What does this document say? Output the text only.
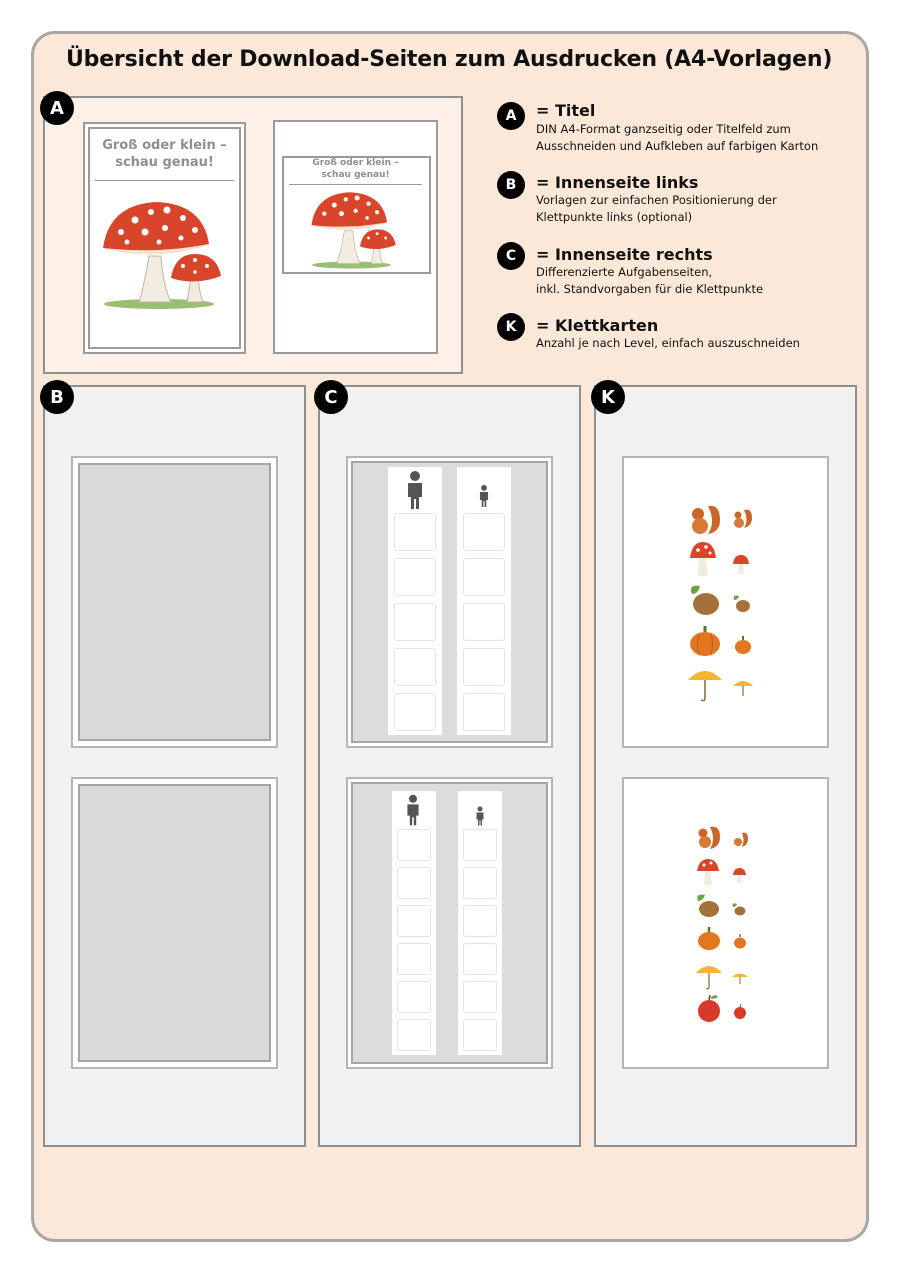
Übersicht der Download-Seiten zum Ausdrucken (A4-Vorlagen)
A
Groß oder klein –
schau genau!	Groß oder klein –
schau genau!
A	= Titel
DIN A4-Format ganzseitig oder Titelfeld zum
Ausschneiden und Aufkleben auf farbigen Karton
B	= Innenseite links
Vorlagen zur einfachen Positionierung der
Klettpunkte links (optional)
C	= Innenseite rechts
Differenzierte Aufgabenseiten,
inkl. Standvorgaben für die Klettpunkte
K	= Klettkarten
Anzahl je nach Level, einfach auszuschneiden
B	C	K
